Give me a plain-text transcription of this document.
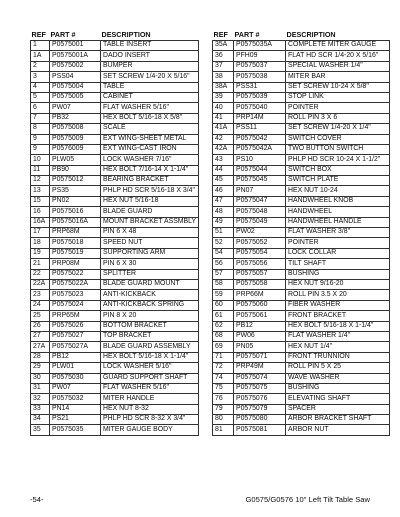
REF	PART #	DESCRIPTION
1	P0575001	TABLE INSERT
1A	P0575001A	DADO INSERT
2	P0575002	BUMPER
3	PSS04	SET SCREW 1/4-20 X 5/16"
4	P0575004	TABLE
5	P0575005	CABINET
6	PW07	FLAT WASHER 5/16"
7	PB32	HEX BOLT 5/16-18 X 5/8"
8	P0575008	SCALE
9	P0575009	EXT WING-SHEET METAL
9	P0576009	EXT WING-CAST IRON
10	PLW05	LOCK WASHER 7/16"
11	PB90	HEX BOLT 7/16-14 X 1-1/4"
12	P0575012	BEARING BRACKET
13	PS35	PHLP HD SCR 5/16-18 X 3/4"
15	PN02	HEX NUT 5/16-18
16	P0575016	BLADE GUARD
16A	P0575016A	MOUNT BRACKET ASSMBLY
17	PRP68M	PIN 6 X 48
18	P0575018	SPEED NUT
19	P0575019	SUPPORTING ARM
21	PRP08M	PIN 6 X 30
22	P0575022	SPLITTER
22A	P0575022A	BLADE GUARD MOUNT
23	P0575023	ANTI-KICKBACK
24	P0575024	ANTI-KICKBACK SPRING
25	PRP65M	PIN 8 X 20
26	P0575026	BOTTOM BRACKET
27	P0575027	TOP BRACKET
27A	P0575027A	BLADE GUARD ASSEMBLY
28	PB12	HEX BOLT 5/16-18 X 1-1/4"
29	PLW01	LOCK WASHER 5/16"
30	P0575030	GUARD SUPPORT SHAFT
31	PW07	FLAT WASHER 5/16"
32	P0575032	MITER HANDLE
33	PN14	HEX NUT 8-32
34	PS21	PHLP HD SCR 8-32 X 3/4"
35	P0575035	MITER GAUGE BODY
REF	PART #	DESCRIPTION
35A	P0575035A	COMPLETE MITER GAUGE
36	PFH09	FLAT HD SCR 1/4-20 X 5/16"
37	P0575037	SPECIAL WASHER 1/4"
38	P0575038	MITER BAR
38A	PSS31	SET SCREW 10-24 X 5/8"
39	P0575039	STOP LINK
40	P0575040	POINTER
41	PRP14M	ROLL PIN 3 X 6
41A	PSS11	SET SCREW 1/4-20 X 1/4"
42	P0575042	SWITCH COVER
42A	P0575042A	TWO BUTTON SWITCH
43	PS10	PHLP HD SCR 10-24 X 1-1/2"
44	P0575044	SWITCH BOX
45	P0575045	SWITCH PLATE
46	PN07	HEX NUT 10-24
47	P0575047	HANDWHEEL KNOB
48	P0575048	HANDWHEEL
49	P0575049	HANDWHEEL HANDLE
51	PW02	FLAT WASHER 3/8"
52	P0575052	POINTER
54	P0575054	LOCK COLLAR
56	P0575056	TILT SHAFT
57	P0575057	BUSHING
58	P0575058	HEX NUT 9/16-20
59	PRP66M	ROLL PIN 3.5 X 20
60	P0575060	FIBER WASHER
61	P0575061	FRONT BRACKET
62	PB12	HEX BOLT 5/16-18 X 1-1/4"
68	PW06	FLAT WASHER 1/4"
69	PN05	HEX NUT 1/4"
71	P0575071	FRONT TRUNNION
72	PRP49M	ROLL PIN 5 X 25
74	P0575074	WAVE WASHER
75	P0575075	BUSHING
76	P0575076	ELEVATING SHAFT
79	P0575079	SPACER
80	P0575080	ARBOR BRACKET SHAFT
81	P0575081	ARBOR NUT
-54-	G0575/G0576 10" Left Tilt Table Saw
